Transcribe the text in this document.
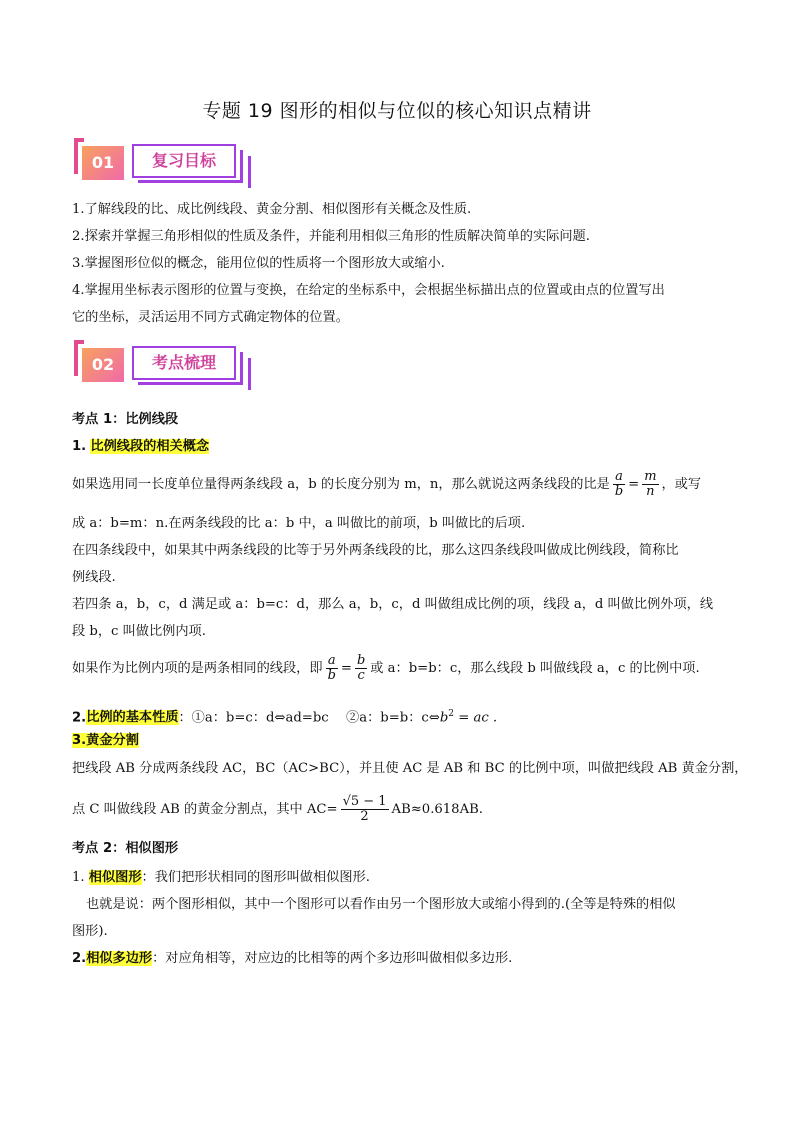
专题 19 图形的相似与位似的核心知识点精讲
01	复习目标
1.了解线段的比、成比例线段、黄金分割、相似图形有关概念及性质.
2.探索并掌握三角形相似的性质及条件，并能利用相似三角形的性质解决简单的实际问题.
3.掌握图形位似的概念，能用位似的性质将一个图形放大或缩小.
4.掌握用坐标表示图形的位置与变换，在给定的坐标系中，会根据坐标描出点的位置或由点的位置写出
它的坐标，灵活运用不同方式确定物体的位置。
02	考点梳理
考点 1：比例线段
1. 比例线段的相关概念
如果选用同一长度单位量得两条线段 a，b 的长度分别为 m，n，那么就说这两条线段的比是 $\frac{a}{b} = \frac{m}{n}$ ，或写
成 a：b=m：n.在两条线段的比 a：b 中，a 叫做比的前项，b 叫做比的后项.
在四条线段中，如果其中两条线段的比等于另外两条线段的比，那么这四条线段叫做成比例线段，简称比
例线段.
若四条 a，b，c，d 满足或 a：b=c：d，那么 a，b，c，d 叫做组成比例的项，线段 a，d 叫做比例外项，线
段 b，c 叫做比例内项.
如果作为比例内项的是两条相同的线段，即 $\frac{a}{b} = \frac{b}{c}$ 或 a：b=b：c，那么线段 b 叫做线段 a，c 的比例中项.
2.比例的基本性质：①a：b=c：d⇔ad=bc　 ②a：b=b：$c\Leftrightarrow b^2$ = ac .
3.黄金分割
把线段 AB 分成两条线段 AC，BC（AC>BC），并且使 AC 是 AB 和 BC 的比例中项，叫做把线段 AB 黄金分割，
点 C 叫做线段 AB 的黄金分割点，其中 $AC= \frac{√5 - 1}{2} AB\approx 0.618AB$.
考点 2：相似图形
1. 相似图形：我们把形状相同的图形叫做相似图形.
也就是说：两个图形相似，其中一个图形可以看作由另一个图形放大或缩小得到的.(全等是特殊的相似
图形).
2.相似多边形：对应角相等，对应边的比相等的两个多边形叫做相似多边形.
